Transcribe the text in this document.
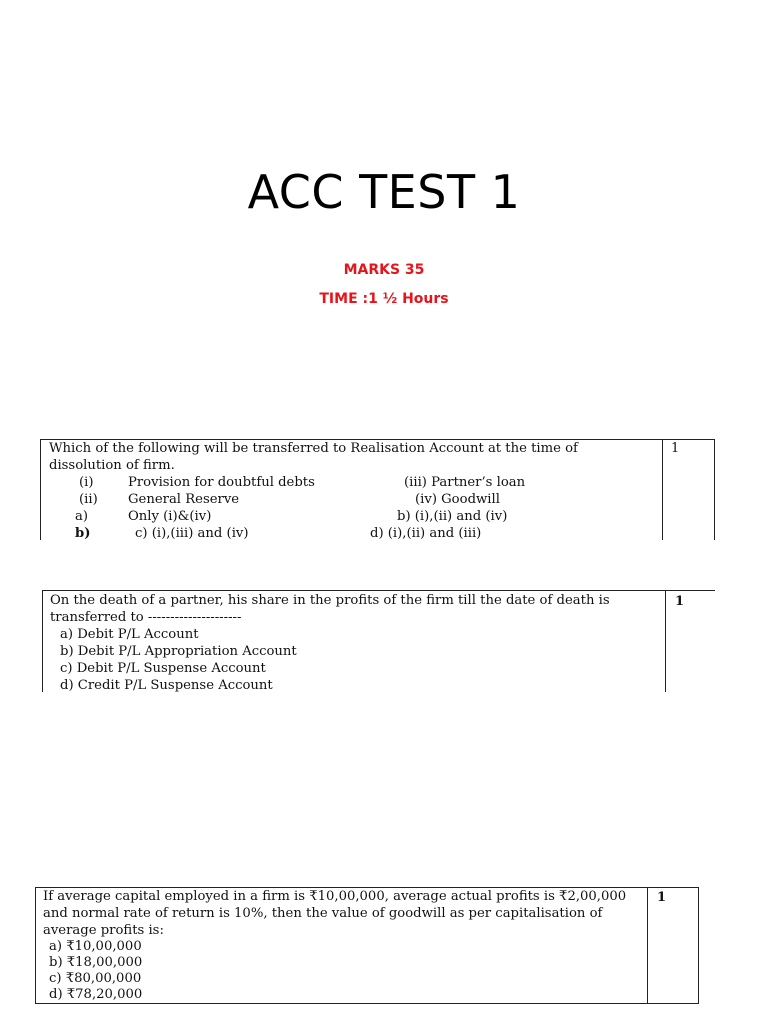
ACC TEST 1
MARKS 35
TIME :1 ½ Hours
Which of the following will be transferred to Realisation Account at the time of
dissolution of firm.
(i)	Provision for doubtful debts	(iii) Partner’s loan
(ii) General Reserve	(iv) Goodwill
a)	Only (i)&(iv)	b) (i),(ii) and (iv)
b)	c) (i),(iii) and (iv)	d) (i),(ii) and (iii)
1
On the death of a partner, his share in the profits of the firm till the date of death is
transferred to ---------------------
a) Debit P/L Account
b) Debit P/L Appropriation Account
c) Debit P/L Suspense Account
d) Credit P/L Suspense Account
1
If average capital employed in a firm is ₹10,00,000, average actual profits is ₹2,00,000
and normal rate of return is 10%, then the value of goodwill as per capitalisation of
average profits is:
a) ₹10,00,000
b) ₹18,00,000
c) ₹80,00,000
d) ₹78,20,000
1
